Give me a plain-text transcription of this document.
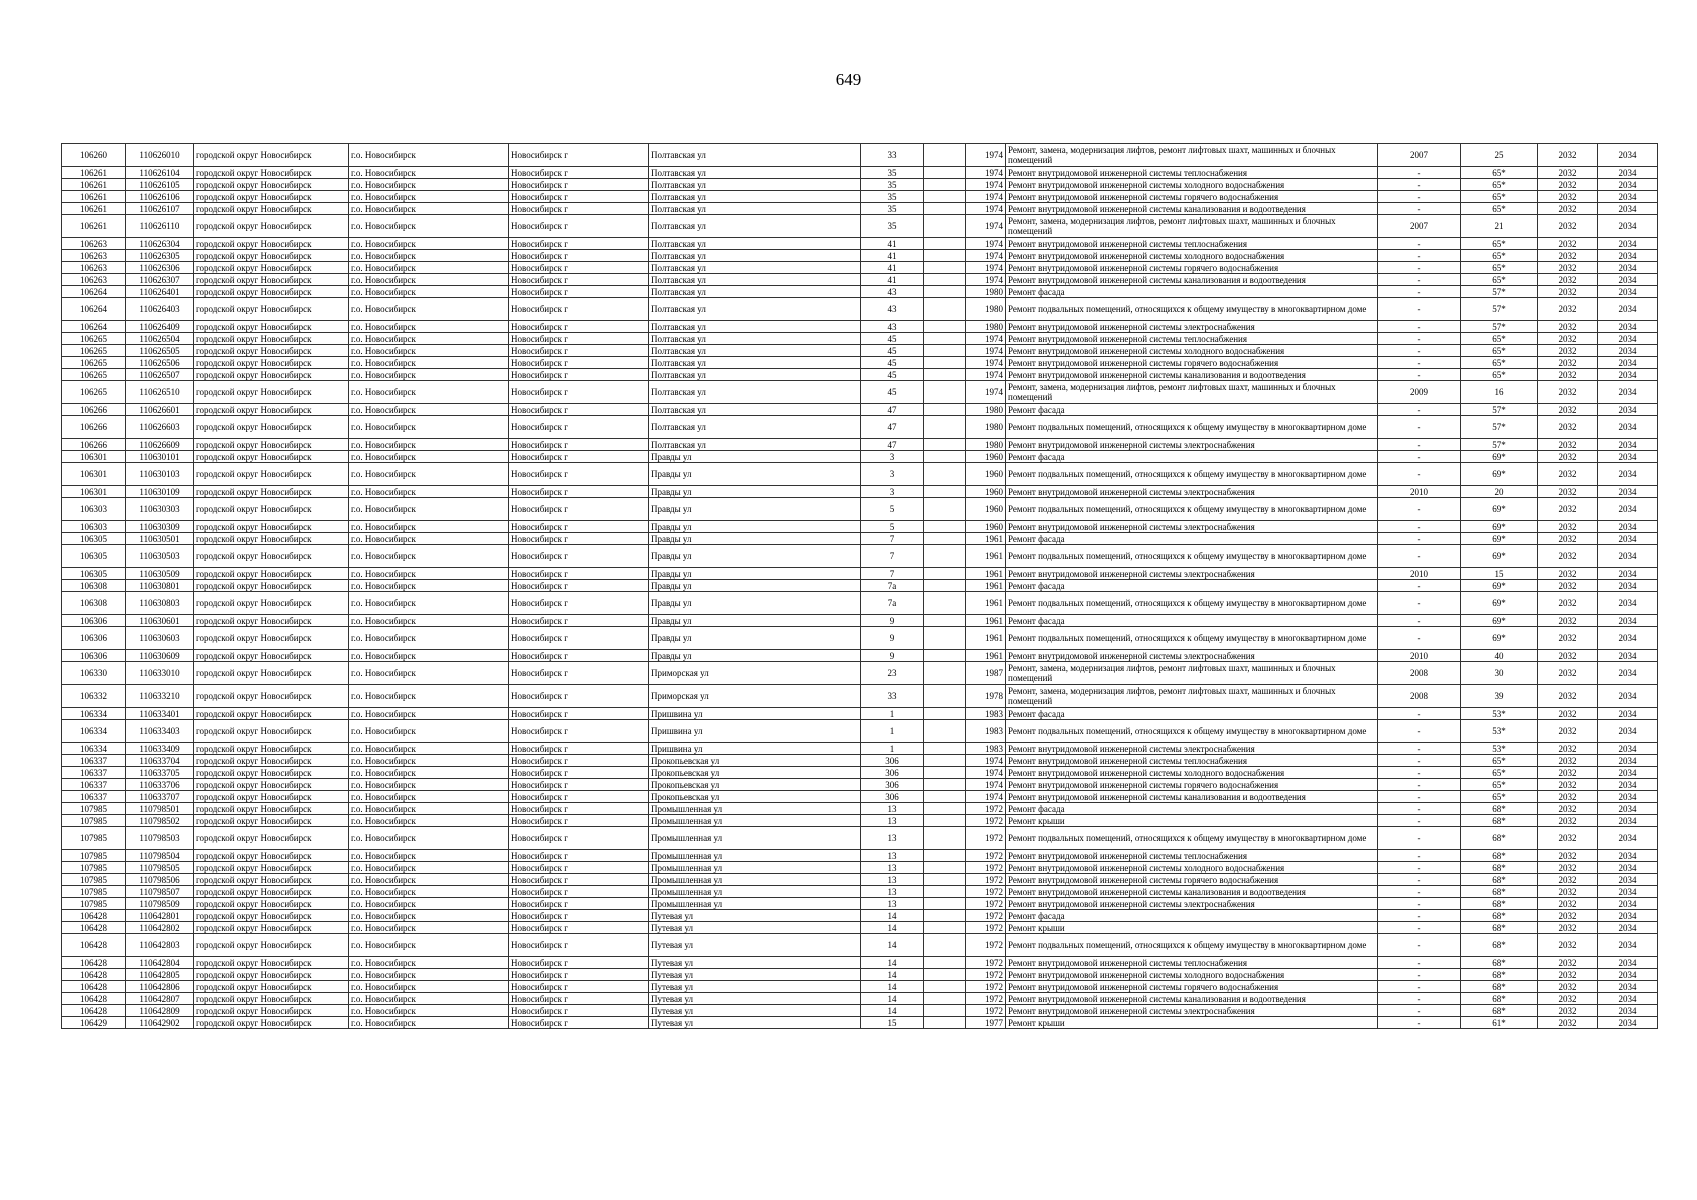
649
106260	110626010	городской округ Новосибирск	г.о. Новосибирск	Новосибирск г	Полтавская ул	33		1974	Ремонт, замена, модернизация лифтов, ремонт лифтовых шахт, машинных и блочных помещений	2007	25	2032	2034
106261	110626104	городской округ Новосибирск	г.о. Новосибирск	Новосибирск г	Полтавская ул	35		1974	Ремонт внутридомовой инженерной системы теплоснабжения	-	65*	2032	2034
106261	110626105	городской округ Новосибирск	г.о. Новосибирск	Новосибирск г	Полтавская ул	35		1974	Ремонт внутридомовой инженерной системы холодного водоснабжения	-	65*	2032	2034
106261	110626106	городской округ Новосибирск	г.о. Новосибирск	Новосибирск г	Полтавская ул	35		1974	Ремонт внутридомовой инженерной системы горячего водоснабжения	-	65*	2032	2034
106261	110626107	городской округ Новосибирск	г.о. Новосибирск	Новосибирск г	Полтавская ул	35		1974	Ремонт внутридомовой инженерной системы канализования и водоотведения	-	65*	2032	2034
106261	110626110	городской округ Новосибирск	г.о. Новосибирск	Новосибирск г	Полтавская ул	35		1974	Ремонт, замена, модернизация лифтов, ремонт лифтовых шахт, машинных и блочных помещений	2007	21	2032	2034
106263	110626304	городской округ Новосибирск	г.о. Новосибирск	Новосибирск г	Полтавская ул	41		1974	Ремонт внутридомовой инженерной системы теплоснабжения	-	65*	2032	2034
106263	110626305	городской округ Новосибирск	г.о. Новосибирск	Новосибирск г	Полтавская ул	41		1974	Ремонт внутридомовой инженерной системы холодного водоснабжения	-	65*	2032	2034
106263	110626306	городской округ Новосибирск	г.о. Новосибирск	Новосибирск г	Полтавская ул	41		1974	Ремонт внутридомовой инженерной системы горячего водоснабжения	-	65*	2032	2034
106263	110626307	городской округ Новосибирск	г.о. Новосибирск	Новосибирск г	Полтавская ул	41		1974	Ремонт внутридомовой инженерной системы канализования и водоотведения	-	65*	2032	2034
106264	110626401	городской округ Новосибирск	г.о. Новосибирск	Новосибирск г	Полтавская ул	43		1980	Ремонт фасада	-	57*	2032	2034
106264	110626403	городской округ Новосибирск	г.о. Новосибирск	Новосибирск г	Полтавская ул	43		1980	Ремонт подвальных помещений, относящихся к общему имуществу в многоквартирном доме	-	57*	2032	2034
106264	110626409	городской округ Новосибирск	г.о. Новосибирск	Новосибирск г	Полтавская ул	43		1980	Ремонт внутридомовой инженерной системы электроснабжения	-	57*	2032	2034
106265	110626504	городской округ Новосибирск	г.о. Новосибирск	Новосибирск г	Полтавская ул	45		1974	Ремонт внутридомовой инженерной системы теплоснабжения	-	65*	2032	2034
106265	110626505	городской округ Новосибирск	г.о. Новосибирск	Новосибирск г	Полтавская ул	45		1974	Ремонт внутридомовой инженерной системы холодного водоснабжения	-	65*	2032	2034
106265	110626506	городской округ Новосибирск	г.о. Новосибирск	Новосибирск г	Полтавская ул	45		1974	Ремонт внутридомовой инженерной системы горячего водоснабжения	-	65*	2032	2034
106265	110626507	городской округ Новосибирск	г.о. Новосибирск	Новосибирск г	Полтавская ул	45		1974	Ремонт внутридомовой инженерной системы канализования и водоотведения	-	65*	2032	2034
106265	110626510	городской округ Новосибирск	г.о. Новосибирск	Новосибирск г	Полтавская ул	45		1974	Ремонт, замена, модернизация лифтов, ремонт лифтовых шахт, машинных и блочных помещений	2009	16	2032	2034
106266	110626601	городской округ Новосибирск	г.о. Новосибирск	Новосибирск г	Полтавская ул	47		1980	Ремонт фасада	-	57*	2032	2034
106266	110626603	городской округ Новосибирск	г.о. Новосибирск	Новосибирск г	Полтавская ул	47		1980	Ремонт подвальных помещений, относящихся к общему имуществу в многоквартирном доме	-	57*	2032	2034
106266	110626609	городской округ Новосибирск	г.о. Новосибирск	Новосибирск г	Полтавская ул	47		1980	Ремонт внутридомовой инженерной системы электроснабжения	-	57*	2032	2034
106301	110630101	городской округ Новосибирск	г.о. Новосибирск	Новосибирск г	Правды ул	3		1960	Ремонт фасада	-	69*	2032	2034
106301	110630103	городской округ Новосибирск	г.о. Новосибирск	Новосибирск г	Правды ул	3		1960	Ремонт подвальных помещений, относящихся к общему имуществу в многоквартирном доме	-	69*	2032	2034
106301	110630109	городской округ Новосибирск	г.о. Новосибирск	Новосибирск г	Правды ул	3		1960	Ремонт внутридомовой инженерной системы электроснабжения	2010	20	2032	2034
106303	110630303	городской округ Новосибирск	г.о. Новосибирск	Новосибирск г	Правды ул	5		1960	Ремонт подвальных помещений, относящихся к общему имуществу в многоквартирном доме	-	69*	2032	2034
106303	110630309	городской округ Новосибирск	г.о. Новосибирск	Новосибирск г	Правды ул	5		1960	Ремонт внутридомовой инженерной системы электроснабжения	-	69*	2032	2034
106305	110630501	городской округ Новосибирск	г.о. Новосибирск	Новосибирск г	Правды ул	7		1961	Ремонт фасада	-	69*	2032	2034
106305	110630503	городской округ Новосибирск	г.о. Новосибирск	Новосибирск г	Правды ул	7		1961	Ремонт подвальных помещений, относящихся к общему имуществу в многоквартирном доме	-	69*	2032	2034
106305	110630509	городской округ Новосибирск	г.о. Новосибирск	Новосибирск г	Правды ул	7		1961	Ремонт внутридомовой инженерной системы электроснабжения	2010	15	2032	2034
106308	110630801	городской округ Новосибирск	г.о. Новосибирск	Новосибирск г	Правды ул	7а		1961	Ремонт фасада	-	69*	2032	2034
106308	110630803	городской округ Новосибирск	г.о. Новосибирск	Новосибирск г	Правды ул	7а		1961	Ремонт подвальных помещений, относящихся к общему имуществу в многоквартирном доме	-	69*	2032	2034
106306	110630601	городской округ Новосибирск	г.о. Новосибирск	Новосибирск г	Правды ул	9		1961	Ремонт фасада	-	69*	2032	2034
106306	110630603	городской округ Новосибирск	г.о. Новосибирск	Новосибирск г	Правды ул	9		1961	Ремонт подвальных помещений, относящихся к общему имуществу в многоквартирном доме	-	69*	2032	2034
106306	110630609	городской округ Новосибирск	г.о. Новосибирск	Новосибирск г	Правды ул	9		1961	Ремонт внутридомовой инженерной системы электроснабжения	2010	40	2032	2034
106330	110633010	городской округ Новосибирск	г.о. Новосибирск	Новосибирск г	Приморская ул	23		1987	Ремонт, замена, модернизация лифтов, ремонт лифтовых шахт, машинных и блочных помещений	2008	30	2032	2034
106332	110633210	городской округ Новосибирск	г.о. Новосибирск	Новосибирск г	Приморская ул	33		1978	Ремонт, замена, модернизация лифтов, ремонт лифтовых шахт, машинных и блочных помещений	2008	39	2032	2034
106334	110633401	городской округ Новосибирск	г.о. Новосибирск	Новосибирск г	Пришвина ул	1		1983	Ремонт фасада	-	53*	2032	2034
106334	110633403	городской округ Новосибирск	г.о. Новосибирск	Новосибирск г	Пришвина ул	1		1983	Ремонт подвальных помещений, относящихся к общему имуществу в многоквартирном доме	-	53*	2032	2034
106334	110633409	городской округ Новосибирск	г.о. Новосибирск	Новосибирск г	Пришвина ул	1		1983	Ремонт внутридомовой инженерной системы электроснабжения	-	53*	2032	2034
106337	110633704	городской округ Новосибирск	г.о. Новосибирск	Новосибирск г	Прокопьевская ул	306		1974	Ремонт внутридомовой инженерной системы теплоснабжения	-	65*	2032	2034
106337	110633705	городской округ Новосибирск	г.о. Новосибирск	Новосибирск г	Прокопьевская ул	306		1974	Ремонт внутридомовой инженерной системы холодного водоснабжения	-	65*	2032	2034
106337	110633706	городской округ Новосибирск	г.о. Новосибирск	Новосибирск г	Прокопьевская ул	306		1974	Ремонт внутридомовой инженерной системы горячего водоснабжения	-	65*	2032	2034
106337	110633707	городской округ Новосибирск	г.о. Новосибирск	Новосибирск г	Прокопьевская ул	306		1974	Ремонт внутридомовой инженерной системы канализования и водоотведения	-	65*	2032	2034
107985	110798501	городской округ Новосибирск	г.о. Новосибирск	Новосибирск г	Промышленная ул	13		1972	Ремонт фасада	-	68*	2032	2034
107985	110798502	городской округ Новосибирск	г.о. Новосибирск	Новосибирск г	Промышленная ул	13		1972	Ремонт крыши	-	68*	2032	2034
107985	110798503	городской округ Новосибирск	г.о. Новосибирск	Новосибирск г	Промышленная ул	13		1972	Ремонт подвальных помещений, относящихся к общему имуществу в многоквартирном доме	-	68*	2032	2034
107985	110798504	городской округ Новосибирск	г.о. Новосибирск	Новосибирск г	Промышленная ул	13		1972	Ремонт внутридомовой инженерной системы теплоснабжения	-	68*	2032	2034
107985	110798505	городской округ Новосибирск	г.о. Новосибирск	Новосибирск г	Промышленная ул	13		1972	Ремонт внутридомовой инженерной системы холодного водоснабжения	-	68*	2032	2034
107985	110798506	городской округ Новосибирск	г.о. Новосибирск	Новосибирск г	Промышленная ул	13		1972	Ремонт внутридомовой инженерной системы горячего водоснабжения	-	68*	2032	2034
107985	110798507	городской округ Новосибирск	г.о. Новосибирск	Новосибирск г	Промышленная ул	13		1972	Ремонт внутридомовой инженерной системы канализования и водоотведения	-	68*	2032	2034
107985	110798509	городской округ Новосибирск	г.о. Новосибирск	Новосибирск г	Промышленная ул	13		1972	Ремонт внутридомовой инженерной системы электроснабжения	-	68*	2032	2034
106428	110642801	городской округ Новосибирск	г.о. Новосибирск	Новосибирск г	Путевая ул	14		1972	Ремонт фасада	-	68*	2032	2034
106428	110642802	городской округ Новосибирск	г.о. Новосибирск	Новосибирск г	Путевая ул	14		1972	Ремонт крыши	-	68*	2032	2034
106428	110642803	городской округ Новосибирск	г.о. Новосибирск	Новосибирск г	Путевая ул	14		1972	Ремонт подвальных помещений, относящихся к общему имуществу в многоквартирном доме	-	68*	2032	2034
106428	110642804	городской округ Новосибирск	г.о. Новосибирск	Новосибирск г	Путевая ул	14		1972	Ремонт внутридомовой инженерной системы теплоснабжения	-	68*	2032	2034
106428	110642805	городской округ Новосибирск	г.о. Новосибирск	Новосибирск г	Путевая ул	14		1972	Ремонт внутридомовой инженерной системы холодного водоснабжения	-	68*	2032	2034
106428	110642806	городской округ Новосибирск	г.о. Новосибирск	Новосибирск г	Путевая ул	14		1972	Ремонт внутридомовой инженерной системы горячего водоснабжения	-	68*	2032	2034
106428	110642807	городской округ Новосибирск	г.о. Новосибирск	Новосибирск г	Путевая ул	14		1972	Ремонт внутридомовой инженерной системы канализования и водоотведения	-	68*	2032	2034
106428	110642809	городской округ Новосибирск	г.о. Новосибирск	Новосибирск г	Путевая ул	14		1972	Ремонт внутридомовой инженерной системы электроснабжения	-	68*	2032	2034
106429	110642902	городской округ Новосибирск	г.о. Новосибирск	Новосибирск г	Путевая ул	15		1977	Ремонт крыши	-	61*	2032	2034
